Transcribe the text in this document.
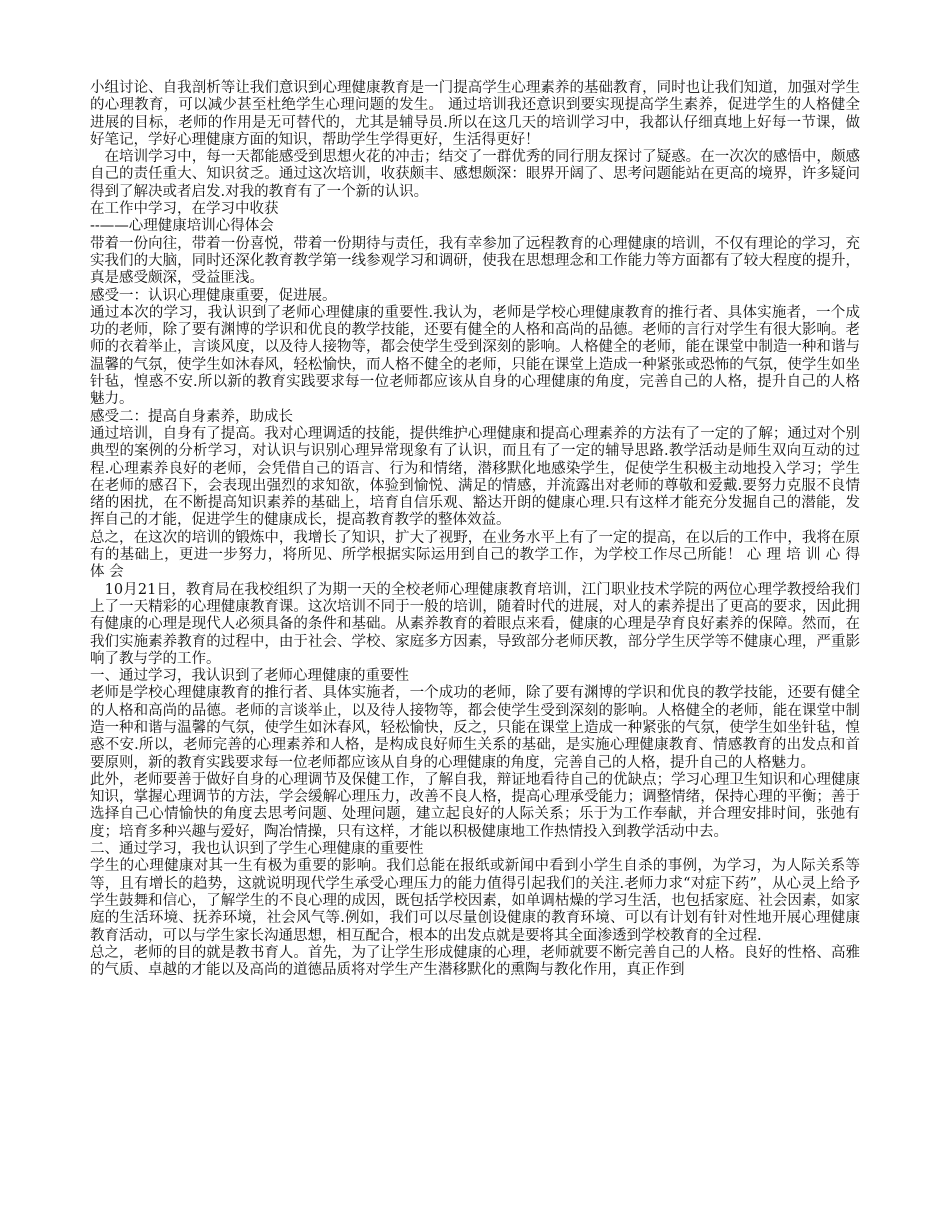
小组讨论、自我剖析等让我们意识到心理健康教育是一门提高学生心理素养的基础教育，同时也让我们知道，加强对学生的心理教育，可以减少甚至杜绝学生心理问题的发生。 通过培训我还意识到要实现提高学生素养，促进学生的人格健全进展的目标，老师的作用是无可替代的，尤其是辅导员.所以在这几天的培训学习中，我都认仔细真地上好每一节课，做好笔记，学好心理健康方面的知识，帮助学生学得更好，生活得更好！

　在培训学习中，每一天都能感受到思想火花的冲击；结交了一群优秀的同行朋友探讨了疑惑。在一次次的感悟中，颇感自己的责任重大、知识贫乏。通过这次培训，收获颇丰、感想颇深：眼界开阔了、思考问题能站在更高的境界，许多疑问得到了解决或者启发.对我的教育有了一个新的认识。

在工作中学习，在学习中收获

--——心理健康培训心得体会

带着一份向往，带着一份喜悦，带着一份期待与责任，我有幸参加了远程教育的心理健康的培训，不仅有理论的学习，充实我们的大脑，同时还深化教育教学第一线参观学习和调研，使我在思想理念和工作能力等方面都有了较大程度的提升，真是感受颇深，受益匪浅。

感受一：认识心理健康重要，促进展。

通过本次的学习，我认识到了老师心理健康的重要性.我认为，老师是学校心理健康教育的推行者、具体实施者，一个成功的老师，除了要有渊博的学识和优良的教学技能，还要有健全的人格和高尚的品德。老师的言行对学生有很大影响。老师的衣着举止，言谈风度，以及待人接物等，都会使学生受到深刻的影响。人格健全的老师，能在课堂中制造一种和谐与温馨的气氛，使学生如沐春风，轻松愉快，而人格不健全的老师，只能在课堂上造成一种紧张或恐怖的气氛，使学生如坐针毡，惶惑不安.所以新的教育实践要求每一位老师都应该从自身的心理健康的角度，完善自己的人格，提升自己的人格魅力。

感受二：提高自身素养，助成长

通过培训，自身有了提高。我对心理调适的技能，提供维护心理健康和提高心理素养的方法有了一定的了解；通过对个别典型的案例的分析学习，对认识与识别心理异常现象有了认识，而且有了一定的辅导思路.教学活动是师生双向互动的过程.心理素养良好的老师，会凭借自己的语言、行为和情绪，潜移默化地感染学生，促使学生积极主动地投入学习；学生在老师的感召下，会表现出强烈的求知欲，体验到愉悦、满足的情感，并流露出对老师的尊敬和爱戴.要努力克服不良情绪的困扰，在不断提高知识素养的基础上，培育自信乐观、豁达开朗的健康心理.只有这样才能充分发掘自己的潜能，发挥自己的才能，促进学生的健康成长，提高教育教学的整体效益。

总之，在这次的培训的锻炼中，我增长了知识，扩大了视野，在业务水平上有了一定的提高，在以后的工作中，我将在原有的基础上，更进一步努力，将所见、所学根据实际运用到自己的教学工作，为学校工作尽己所能！ 心 理 培 训 心 得 体 会

　10月21日，教育局在我校组织了为期一天的全校老师心理健康教育培训，江门职业技术学院的两位心理学教授给我们上了一天精彩的心理健康教育课。这次培训不同于一般的培训，随着时代的进展，对人的素养提出了更高的要求，因此拥有健康的心理是现代人必须具备的条件和基础。从素养教育的着眼点来看，健康的心理是孕育良好素养的保障。然而，在我们实施素养教育的过程中，由于社会、学校、家庭多方因素，导致部分老师厌教，部分学生厌学等不健康心理，严重影响了教与学的工作。

一、通过学习，我认识到了老师心理健康的重要性

老师是学校心理健康教育的推行者、具体实施者，一个成功的老师，除了要有渊博的学识和优良的教学技能，还要有健全的人格和高尚的品德。老师的言谈举止，以及待人接物等，都会使学生受到深刻的影响。人格健全的老师，能在课堂中制造一种和谐与温馨的气氛，使学生如沐春风，轻松愉快，反之，只能在课堂上造成一种紧张的气氛，使学生如坐针毡，惶惑不安.所以，老师完善的心理素养和人格，是构成良好师生关系的基础，是实施心理健康教育、情感教育的出发点和首要原则，新的教育实践要求每一位老师都应该从自身的心理健康的角度，完善自己的人格，提升自己的人格魅力。

此外，老师要善于做好自身的心理调节及保健工作，了解自我，辩证地看待自己的优缺点；学习心理卫生知识和心理健康知识，掌握心理调节的方法，学会缓解心理压力，改善不良人格，提高心理承受能力；调整情绪，保持心理的平衡；善于选择自己心情愉快的角度去思考问题、处理问题，建立起良好的人际关系；乐于为工作奉献，并合理安排时间，张弛有度；培育多种兴趣与爱好，陶冶情操，只有这样，才能以积极健康地工作热情投入到教学活动中去。

二、通过学习，我也认识到了学生心理健康的重要性

学生的心理健康对其一生有极为重要的影响。我们总能在报纸或新闻中看到小学生自杀的事例，为学习，为人际关系等等，且有增长的趋势，这就说明现代学生承受心理压力的能力值得引起我们的关注.老师力求“对症下药”，从心灵上给予学生鼓舞和信心，了解学生的不良心理的成因，既包括学校因素，如单调枯燥的学习生活，也包括家庭、社会因素，如家庭的生活环境、抚养环境，社会风气等.例如，我们可以尽量创设健康的教育环境、可以有计划有针对性地开展心理健康教育活动，可以与学生家长沟通思想，相互配合，根本的出发点就是要将其全面渗透到学校教育的全过程.

总之，老师的目的就是教书育人。首先，为了让学生形成健康的心理，老师就要不断完善自己的人格。良好的性格、高雅的气质、卓越的才能以及高尚的道德品质将对学生产生潜移默化的熏陶与教化作用，真正作到
